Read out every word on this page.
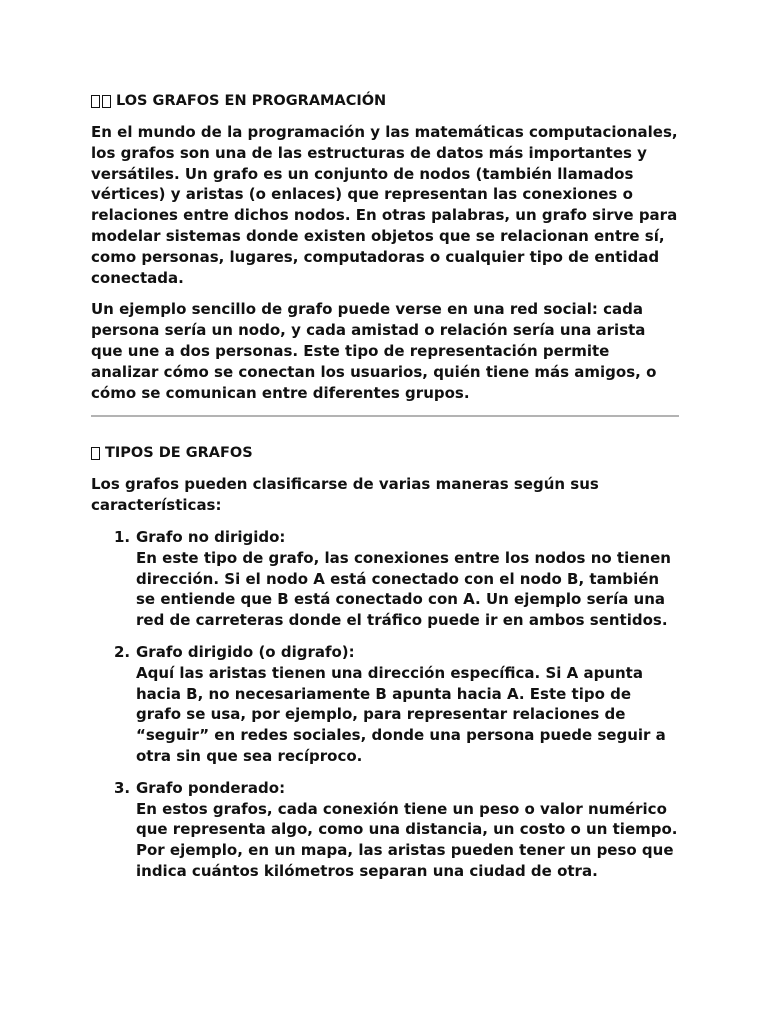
LOS GRAFOS EN PROGRAMACIÓN

En el mundo de la programación y las matemáticas computacionales, los grafos son una de las estructuras de datos más importantes y versátiles. Un grafo es un conjunto de nodos (también llamados vértices) y aristas (o enlaces) que representan las conexiones o relaciones entre dichos nodos. En otras palabras, un grafo sirve para modelar sistemas donde existen objetos que se relacionan entre sí, como personas, lugares, computadoras o cualquier tipo de entidad conectada.

Un ejemplo sencillo de grafo puede verse en una red social: cada persona sería un nodo, y cada amistad o relación sería una arista que une a dos personas. Este tipo de representación permite analizar cómo se conectan los usuarios, quién tiene más amigos, o cómo se comunican entre diferentes grupos.

TIPOS DE GRAFOS

Los grafos pueden clasificarse de varias maneras según sus características:

1. Grafo no dirigido:
En este tipo de grafo, las conexiones entre los nodos no tienen dirección. Si el nodo A está conectado con el nodo B, también se entiende que B está conectado con A. Un ejemplo sería una red de carreteras donde el tráfico puede ir en ambos sentidos.
2. Grafo dirigido (o digrafo):
Aquí las aristas tienen una dirección específica. Si A apunta hacia B, no necesariamente B apunta hacia A. Este tipo de grafo se usa, por ejemplo, para representar relaciones de “seguir” en redes sociales, donde una persona puede seguir a otra sin que sea recíproco.
3. Grafo ponderado:
En estos grafos, cada conexión tiene un peso o valor numérico que representa algo, como una distancia, un costo o un tiempo. Por ejemplo, en un mapa, las aristas pueden tener un peso que indica cuántos kilómetros separan una ciudad de otra.
